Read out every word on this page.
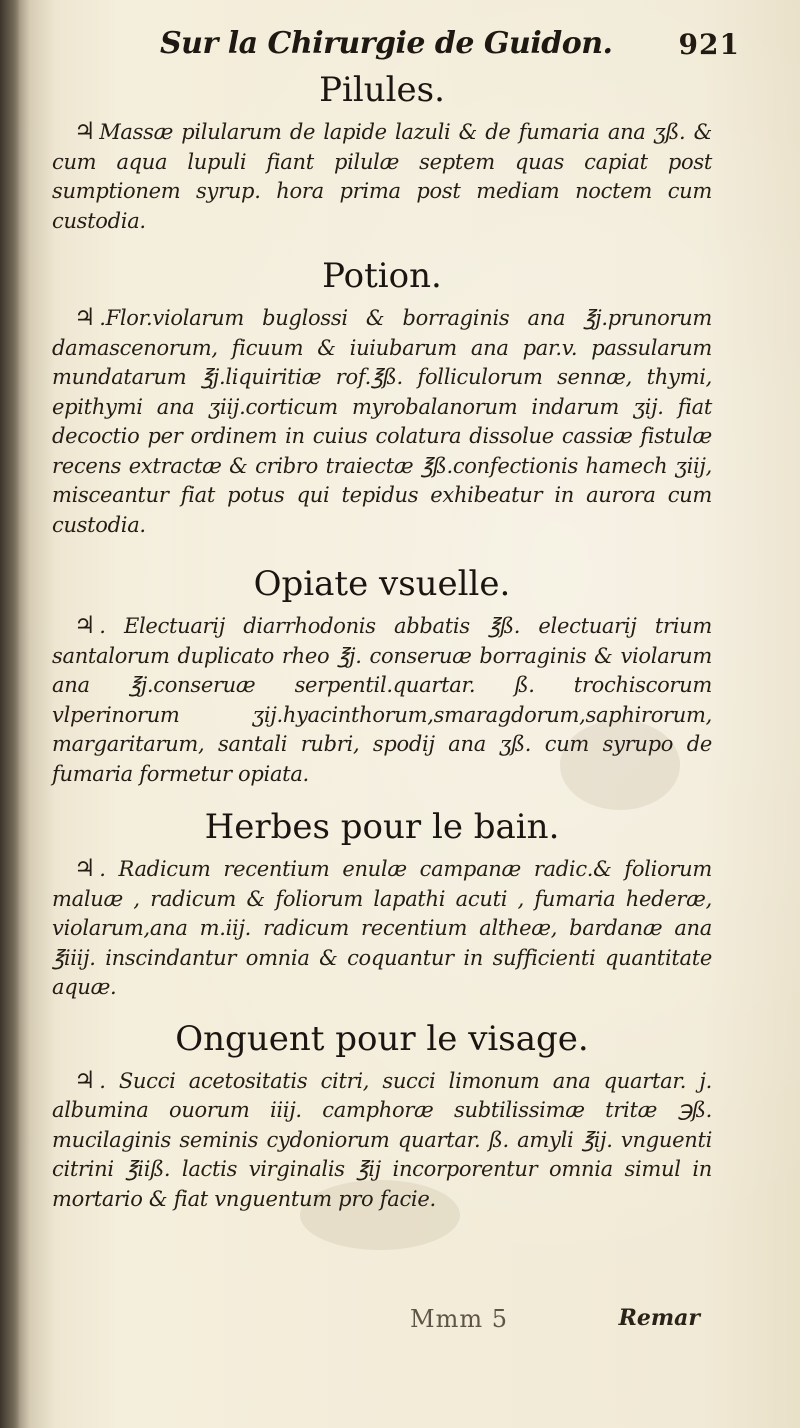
Sur la Chirurgie de Guidon. 921
Pilules.

♃ Massæ pilularum de lapide lazuli & de fumaria ana ʒß. & cum aqua lupuli fiant pilulæ septem quas capiat post sumptionem syrup. hora prima post mediam noctem cum custodia.

Potion.

♃ .Flor.violarum buglossi & borraginis ana ℥j.prunorum damascenorum, ficuum & iuiubarum ana par.v. passularum mundatarum ℥j.liquiritiæ rof.℥ß. folliculorum sennæ, thymi, epithymi ana ʒiij.corticum myrobalanorum indarum ʒij. fiat decoctio per ordinem in cuius colatura dissolue cassiæ fistulæ recens extractæ & cribro traiectæ ℥ß.confectionis hamech ʒiij, misceantur fiat potus qui tepidus exhibeatur in aurora cum custodia.

Opiate vsuelle.

♃ . Electuarij diarrhodonis abbatis ℥ß. electuarij trium santalorum duplicato rheo ℥j. conseruæ borraginis & violarum ana ℥j.conseruæ serpentil.quartar. ß. trochiscorum vlperinorum ʒij.hyacinthorum,smaragdorum,saphirorum, margaritarum, santali rubri, spodij ana ʒß. cum syrupo de fumaria formetur opiata.

Herbes pour le bain.

♃ . Radicum recentium enulæ campanæ radic.& foliorum maluæ , radicum & foliorum lapathi acuti , fumaria hederæ, violarum,ana m.iij. radicum recentium altheæ, bardanæ ana ℥iiij. inscindantur omnia & coquantur in sufficienti quantitate aquæ.

Onguent pour le visage.

♃ . Succi acetositatis citri, succi limonum ana quartar. j. albumina ouorum iiij. camphoræ subtilissimæ tritæ ℈ß. mucilaginis seminis cydoniorum quartar. ß. amyli ℥ij. vnguenti citrini ℥iiß. lactis virginalis ℥ij incorporentur omnia simul in mortario & fiat vnguentum pro facie.

Mmm 5	Remar
